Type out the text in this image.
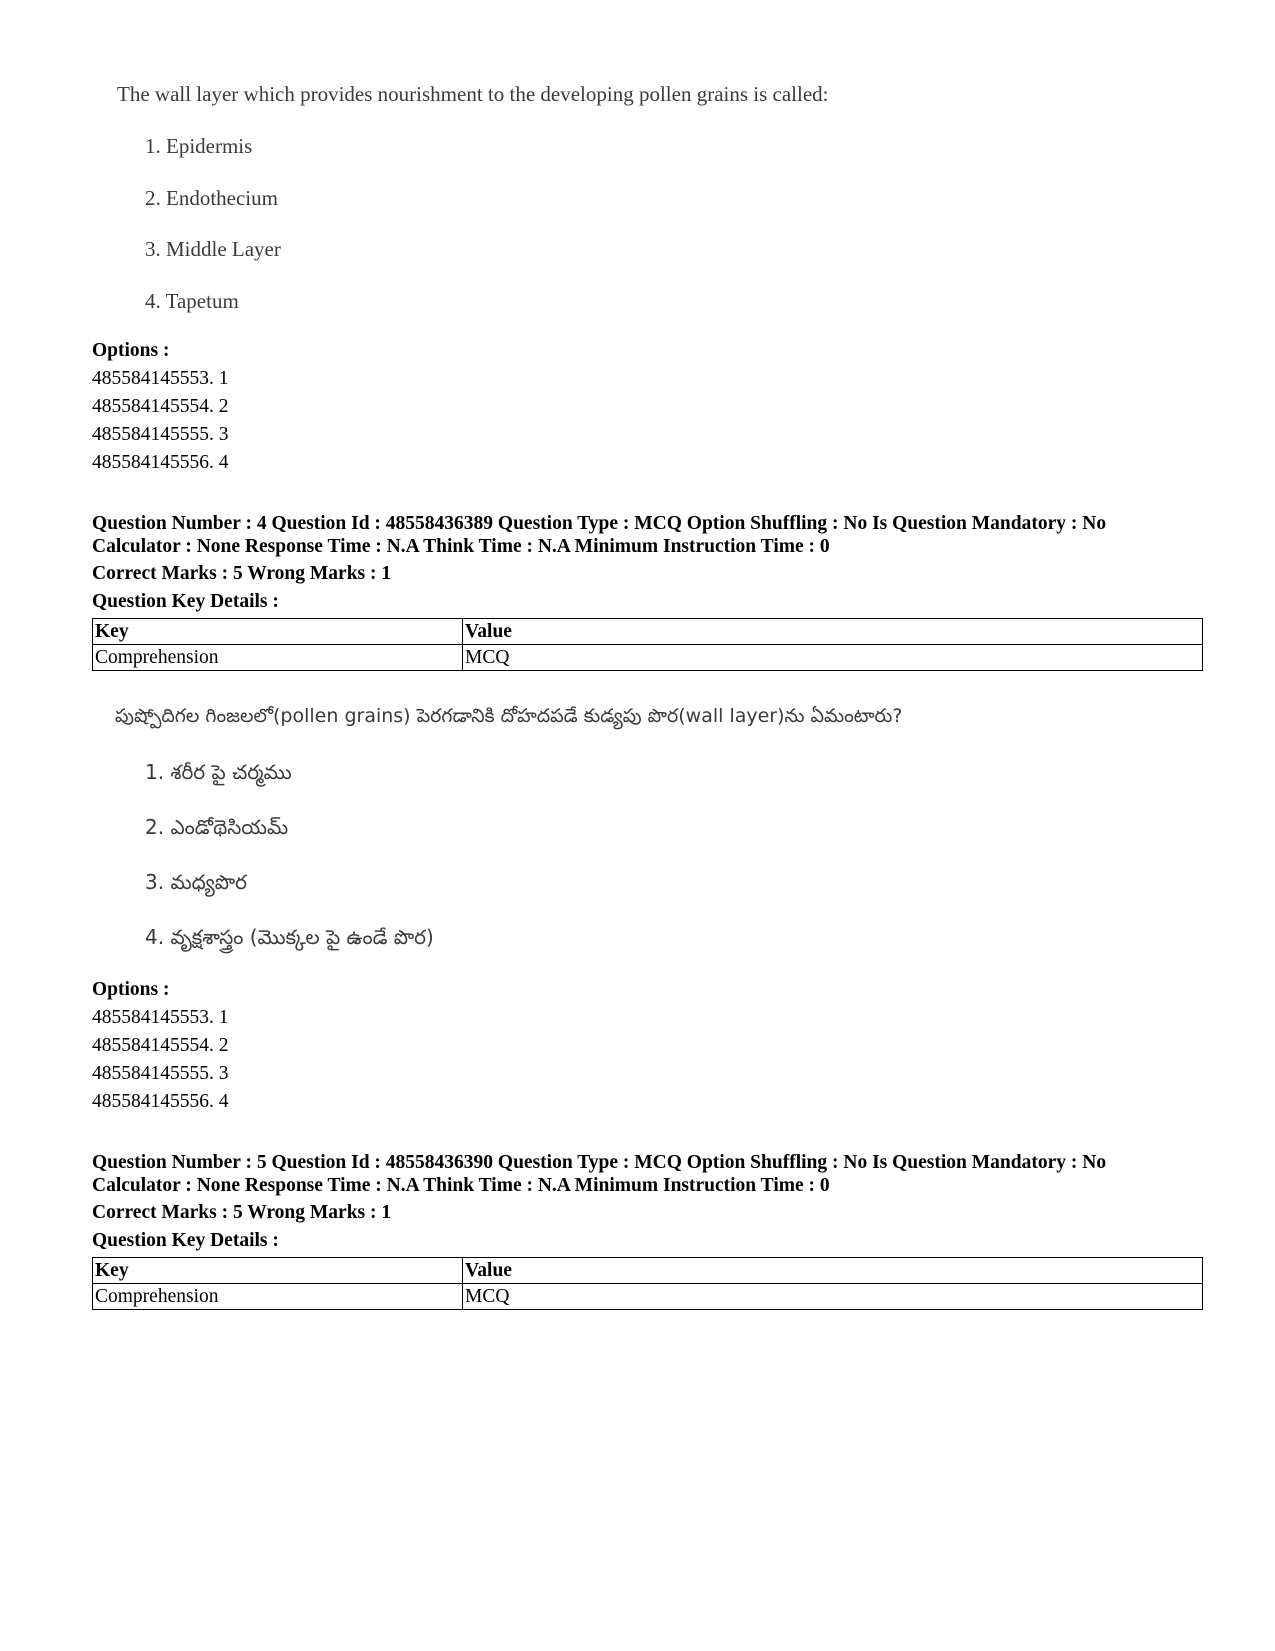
The wall layer which provides nourishment to the developing pollen grains is called:
1. Epidermis
2. Endothecium
3. Middle Layer
4. Tapetum
Options :
485584145553. 1
485584145554. 2
485584145555. 3
485584145556. 4
Question Number : 4 Question Id : 48558436389 Question Type : MCQ Option Shuffling : No Is Question Mandatory : No
Calculator : None Response Time : N.A Think Time : N.A Minimum Instruction Time : 0
Correct Marks : 5 Wrong Marks : 1
Question Key Details :
Key	Value
Comprehension	MCQ
పుష్పోదిగల గింజలలో(pollen grains) పెరగడానికి దోహదపడే కుడ్యపు పొర(wall layer)ను ఏమంటారు?
1. శరీర పై చర్మము
2. ఎండోథెసియమ్
3. మధ్యపొర
4. వృక్షశాస్త్రం (మొక్కల పై ఉండే పొర)
Options :
485584145553. 1
485584145554. 2
485584145555. 3
485584145556. 4
Question Number : 5 Question Id : 48558436390 Question Type : MCQ Option Shuffling : No Is Question Mandatory : No
Calculator : None Response Time : N.A Think Time : N.A Minimum Instruction Time : 0
Correct Marks : 5 Wrong Marks : 1
Question Key Details :
Key	Value
Comprehension	MCQ
